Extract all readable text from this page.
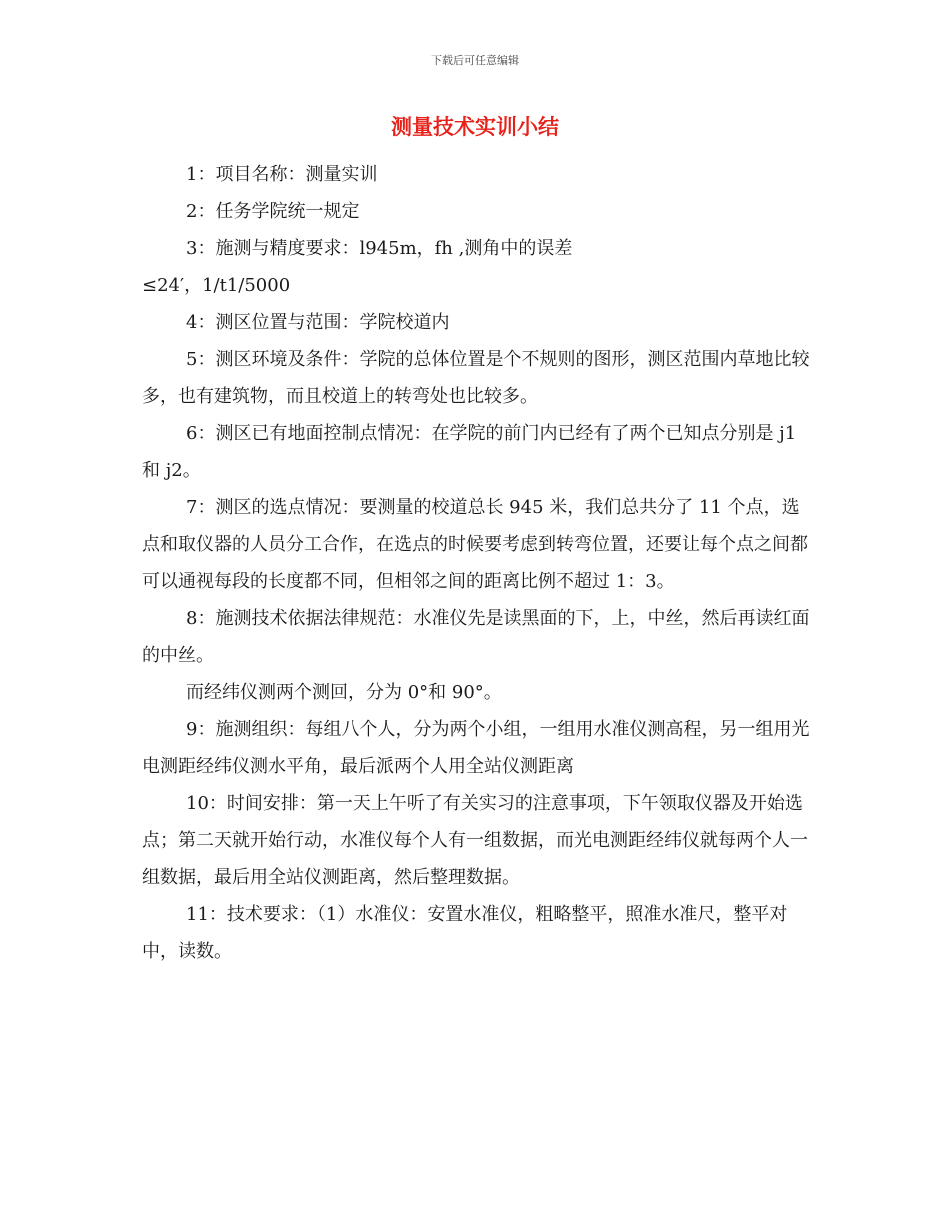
下载后可任意编辑
测量技术实训小结

1：项目名称：测量实训

2：任务学院统一规定

3：施测与精度要求：l945m，fh ,测角中的误差

≤24′，1/t1/5000

4：测区位置与范围：学院校道内

5：测区环境及条件：学院的总体位置是个不规则的图形，测区范围内草地比较多，也有建筑物，而且校道上的转弯处也比较多。

6：测区已有地面控制点情况：在学院的前门内已经有了两个已知点分别是 j1 和 j2。

7：测区的选点情况：要测量的校道总长 945 米，我们总共分了 11 个点，选点和取仪器的人员分工合作，在选点的时候要考虑到转弯位置，还要让每个点之间都可以通视每段的长度都不同，但相邻之间的距离比例不超过 1：3。

8：施测技术依据法律规范：水准仪先是读黑面的下，上，中丝，然后再读红面的中丝。

而经纬仪测两个测回，分为 0°和 90°。

9：施测组织：每组八个人，分为两个小组，一组用水准仪测高程，另一组用光电测距经纬仪测水平角，最后派两个人用全站仪测距离

10：时间安排：第一天上午听了有关实习的注意事项，下午领取仪器及开始选点；第二天就开始行动，水准仪每个人有一组数据，而光电测距经纬仪就每两个人一组数据，最后用全站仪测距离，然后整理数据。

11：技术要求：（1）水准仪：安置水准仪，粗略整平，照准水准尺，整平对中，读数。
